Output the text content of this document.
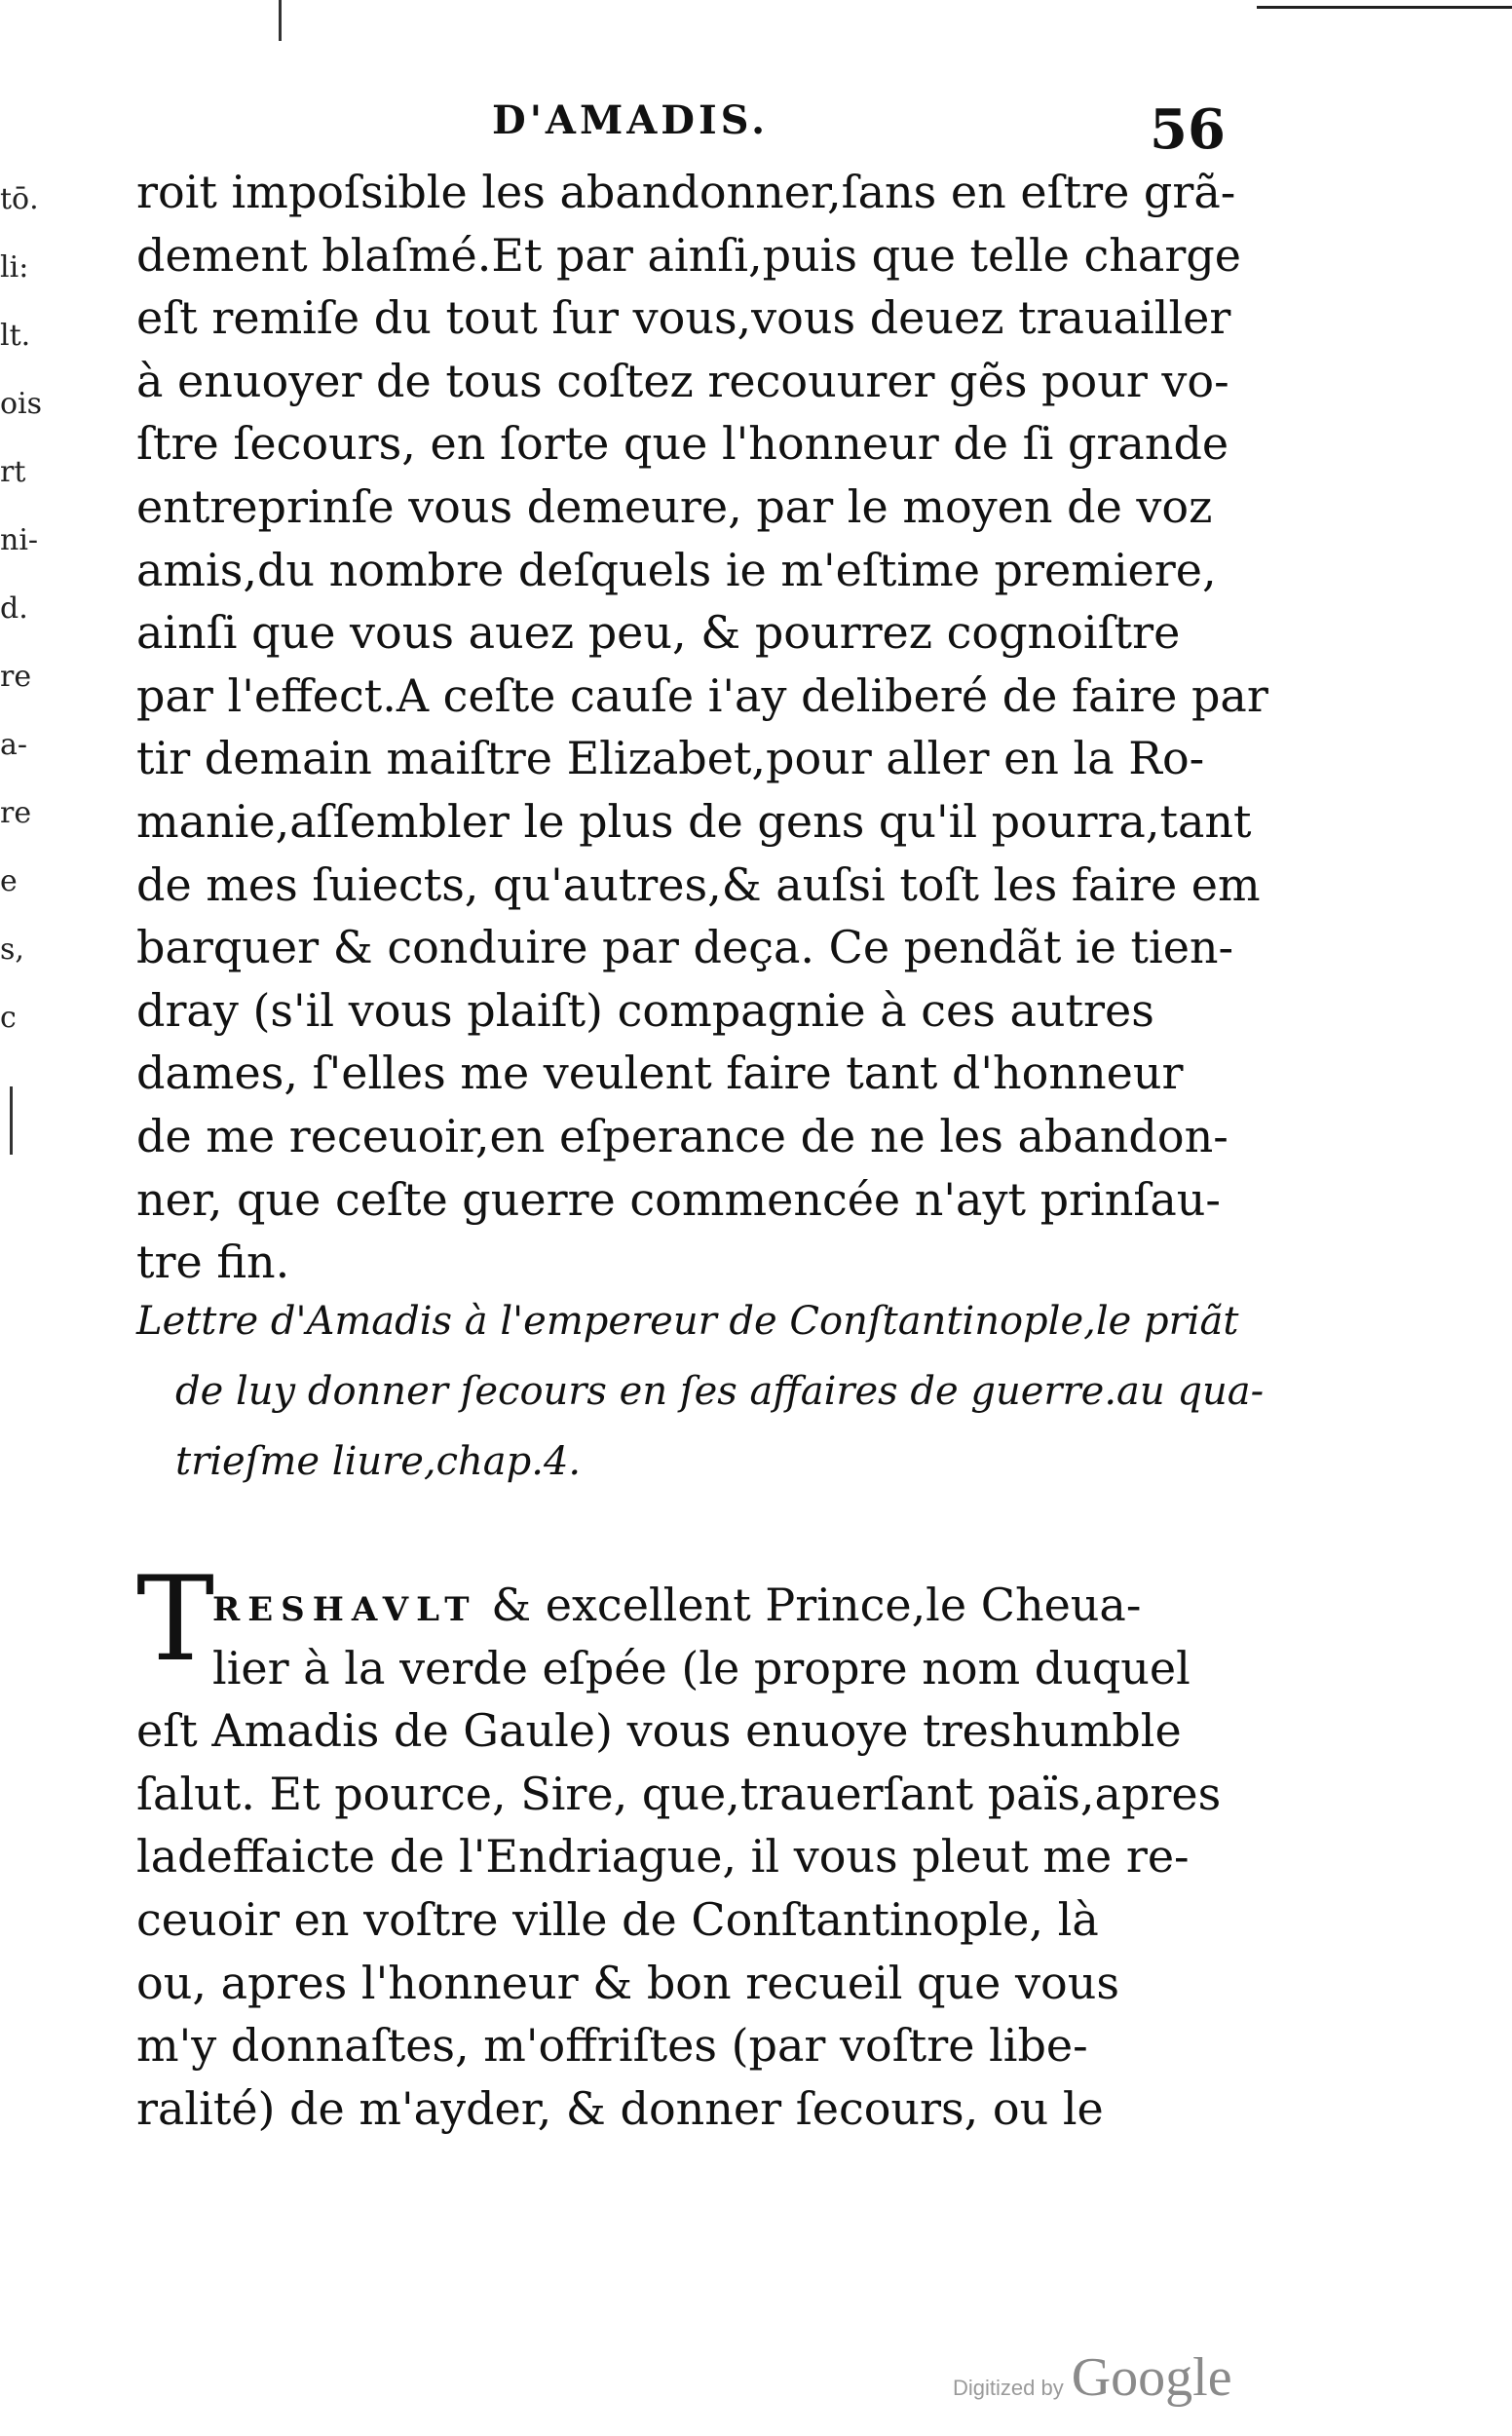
tō.
li:
lt.
ois
rt
ni-
d.
re
a-
re
e
s,
c
D'AMADIS.	56
roit impoſsible les abandonner,ſans en eſtre grã-
dement blaſmé.Et par ainſi,puis que telle charge
eſt remiſe du tout ſur vous,vous deuez trauailler
à enuoyer de tous coſtez recouurer gẽs pour vo-
ſtre ſecours, en ſorte que l'honneur de ſi grande
entreprinſe vous demeure, par le moyen de voz
amis,du nombre deſquels ie m'eſtime premiere,
ainſi que vous auez peu, & pourrez cognoiſtre
par l'effect.A ceſte cauſe i'ay deliberé de faire par
tir demain maiſtre Elizabet,pour aller en la Ro-
manie,aſſembler le plus de gens qu'il pourra,tant
de mes ſuiects, qu'autres,& auſsi toſt les faire em
barquer & conduire par deça. Ce pendãt ie tien-
dray (s'il vous plaiſt) compagnie à ces autres
dames, ſ'elles me veulent faire tant d'honneur
de me receuoir,en eſperance de ne les abandon-
ner, que ceſte guerre commencée n'ayt prinſau-
tre fin.
Lettre d'Amadis à l'empereur de Conſtantinople,le priãt
de luy donner ſecours en ſes affaires de guerre.au qua-
trieſme liure,chap.4.
T
RESHAVLT & excellent Prince,le Cheua-
lier à la verde eſpée (le propre nom duquel
eſt Amadis de Gaule) vous enuoye treshumble
ſalut. Et pource, Sire, que,trauerſant païs,apres
ladeffaicte de l'Endriague, il vous pleut me re-
ceuoir en voſtre ville de Conſtantinople, là
ou, apres l'honneur & bon recueil que vous
m'y donnaſtes, m'offriſtes (par voſtre libe-
ralité) de m'ayder, & donner ſecours, ou le
Digitized by Google
